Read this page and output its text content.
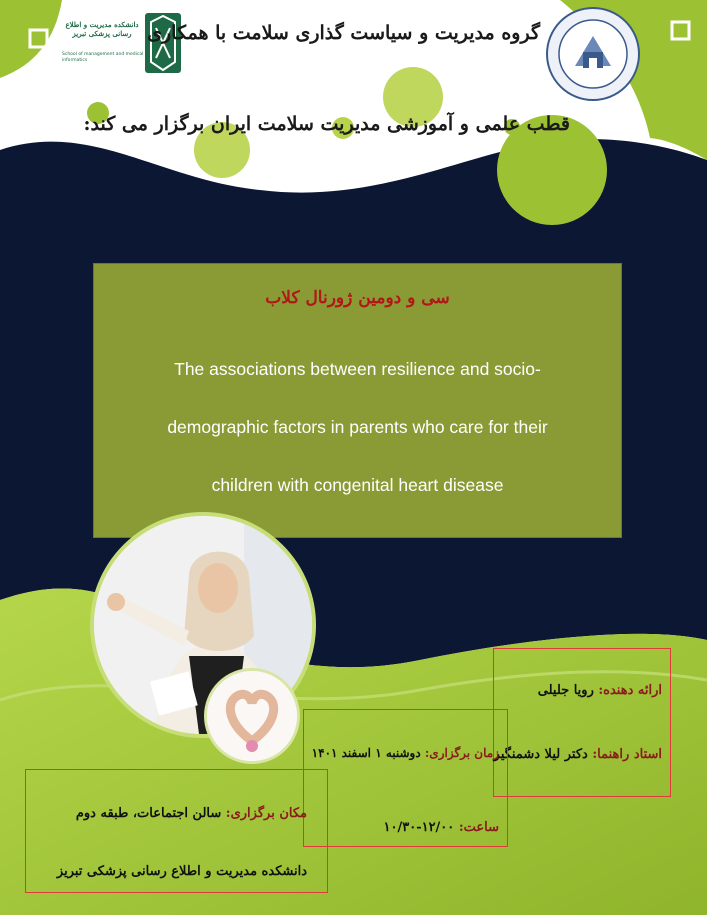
دانشکده مدیریت و اطلاع رسانی پزشکی تبریز
School of management and medical informatics
گروه مدیریت و سیاست گذاری سلامت با همکاری
قطب علمی و آموزشی مدیریت سلامت ایران برگزار می کند:
سی و دومین ژورنال کلاب

The associations between resilience and socio-

demographic factors in parents who care for their

children with congenital heart disease

ارائه دهنده: رویا جلیلی
استاد راهنما: دکتر لیلا دشمنگیر
زمان برگزاری: دوشنبه ۱ اسفند ۱۴۰۱
ساعت: ۱۲/۰۰-۱۰/۳۰
مکان برگزاری: سالن اجتماعات، طبقه دوم
دانشکده مدیریت و اطلاع رسانی پزشکی تبریز
